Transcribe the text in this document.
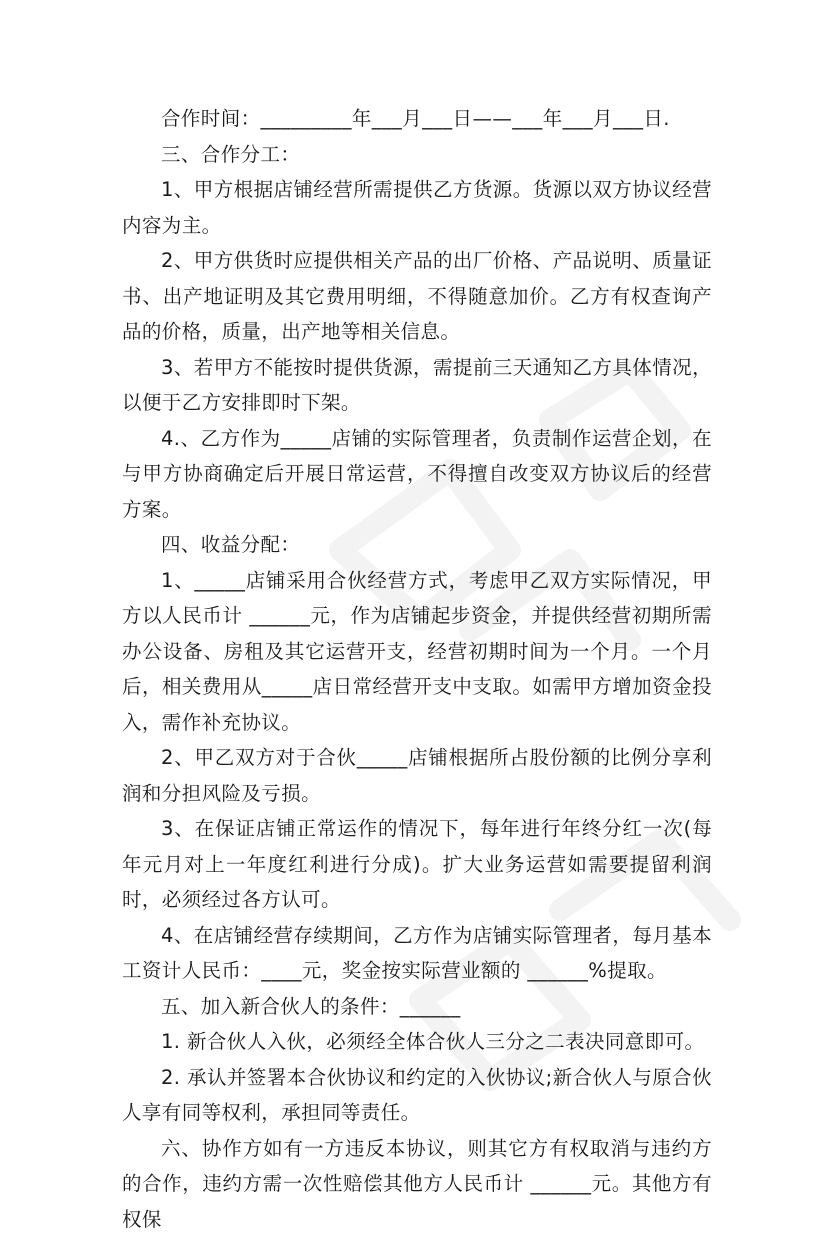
合作时间：_________年___月___日——___年___月___日.

三、合作分工：

1、甲方根据店铺经营所需提供乙方货源。货源以双方协议经营内容为主。

2、甲方供货时应提供相关产品的出厂价格、产品说明、质量证书、出产地证明及其它费用明细，不得随意加价。乙方有权查询产品的价格，质量，出产地等相关信息。

3、若甲方不能按时提供货源，需提前三天通知乙方具体情况，以便于乙方安排即时下架。

4.、乙方作为_____店铺的实际管理者，负责制作运营企划，在与甲方协商确定后开展日常运营，不得擅自改变双方协议后的经营方案。

四、收益分配：

1、_____店铺采用合伙经营方式，考虑甲乙双方实际情况，甲方以人民币计 ______元，作为店铺起步资金，并提供经营初期所需办公设备、房租及其它运营开支，经营初期时间为一个月。一个月后，相关费用从_____店日常经营开支中支取。如需甲方增加资金投入，需作补充协议。

2、甲乙双方对于合伙_____店铺根据所占股份额的比例分享利润和分担风险及亏损。

3、在保证店铺正常运作的情况下，每年进行年终分红一次(每年元月对上一年度红利进行分成)。扩大业务运营如需要提留利润时，必须经过各方认可。

4、在店铺经营存续期间，乙方作为店铺实际管理者，每月基本工资计人民币：____元，奖金按实际营业额的 ______%提取。

五、加入新合伙人的条件：______

1. 新合伙人入伙，必须经全体合伙人三分之二表决同意即可。

2. 承认并签署本合伙协议和约定的入伙协议;新合伙人与原合伙人享有同等权利，承担同等责任。

六、协作方如有一方违反本协议，则其它方有权取消与违约方的合作，违约方需一次性赔偿其他方人民币计 ______元。其他方有权保
